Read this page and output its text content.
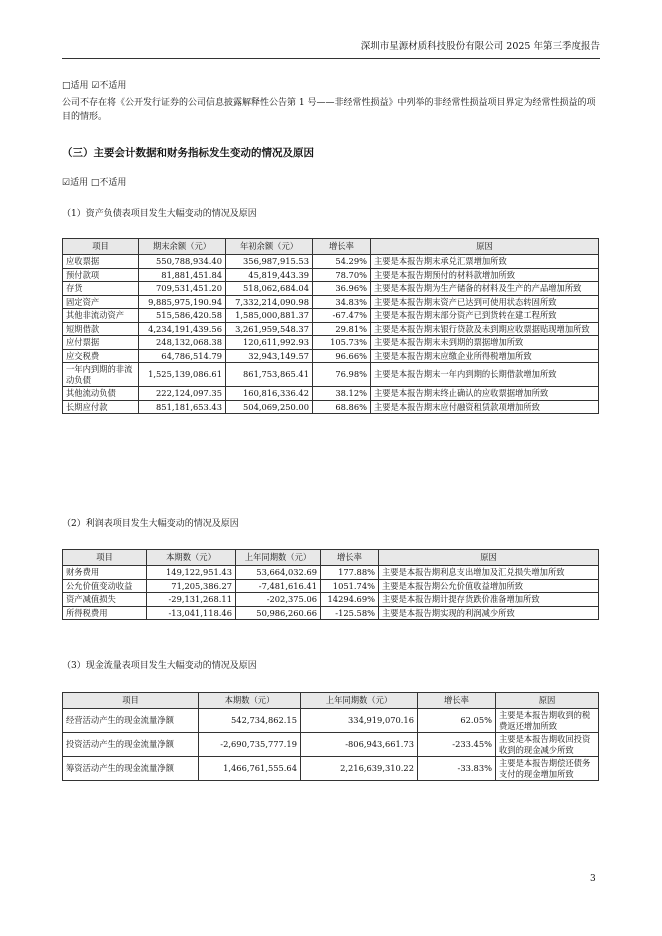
深圳市星源材质科技股份有限公司 2025 年第三季度报告
□适用 ☑不适用
公司不存在将《公开发行证券的公司信息披露解释性公告第 1 号——非经常性损益》中列举的非经常性损益项目界定为经常性损益的项目的情形。
（三）主要会计数据和财务指标发生变动的情况及原因
☑适用 □不适用
（1）资产负债表项目发生大幅变动的情况及原因
项目	期末余额（元）	年初余额（元）	增长率	原因
应收票据	550,788,934.40	356,987,915.53	54.29%	主要是本报告期末承兑汇票增加所致
预付款项	81,881,451.84	45,819,443.39	78.70%	主要是本报告期预付的材料款增加所致
存货	709,531,451.20	518,062,684.04	36.96%	主要是本报告期为生产储备的材料及生产的产品增加所致
固定资产	9,885,975,190.94	7,332,214,090.98	34.83%	主要是本报告期末资产已达到可使用状态转固所致
其他非流动资产	515,586,420.58	1,585,000,881.37	-67.47%	主要是本报告期末部分资产已到货转在建工程所致
短期借款	4,234,191,439.56	3,261,959,548.37	29.81%	主要是本报告期末银行贷款及未到期应收票据贴现增加所致
应付票据	248,132,068.38	120,611,992.93	105.73%	主要是本报告期末未到期的票据增加所致
应交税费	64,786,514.79	32,943,149.57	96.66%	主要是本报告期末应缴企业所得税增加所致
一年内到期的非流动负债	1,525,139,086.61	861,753,865.41	76.98%	主要是本报告期末一年内到期的长期借款增加所致
其他流动负债	222,124,097.35	160,816,336.42	38.12%	主要是本报告期末终止确认的应收票据增加所致
长期应付款	851,181,653.43	504,069,250.00	68.86%	主要是本报告期末应付融资租赁款项增加所致
（2）利润表项目发生大幅变动的情况及原因
项目	本期数（元）	上年同期数（元）	增长率	原因
财务费用	149,122,951.43	53,664,032.69	177.88%	主要是本报告期利息支出增加及汇兑损失增加所致
公允价值变动收益	71,205,386.27	-7,481,616.41	1051.74%	主要是本报告期公允价值收益增加所致
资产减值损失	-29,131,268.11	-202,375.06	14294.69%	主要是本报告期计提存货跌价准备增加所致
所得税费用	-13,041,118.46	50,986,260.66	-125.58%	主要是本报告期实现的利润减少所致
（3）现金流量表项目发生大幅变动的情况及原因
项目	本期数（元）	上年同期数（元）	增长率	原因
经营活动产生的现金流量净额	542,734,862.15	334,919,070.16	62.05%	主要是本报告期收到的税费返还增加所致
投资活动产生的现金流量净额	-2,690,735,777.19	-806,943,661.73	-233.45%	主要是本报告期收回投资收到的现金减少所致
筹资活动产生的现金流量净额	1,466,761,555.64	2,216,639,310.22	-33.83%	主要是本报告期偿还债务支付的现金增加所致
3
